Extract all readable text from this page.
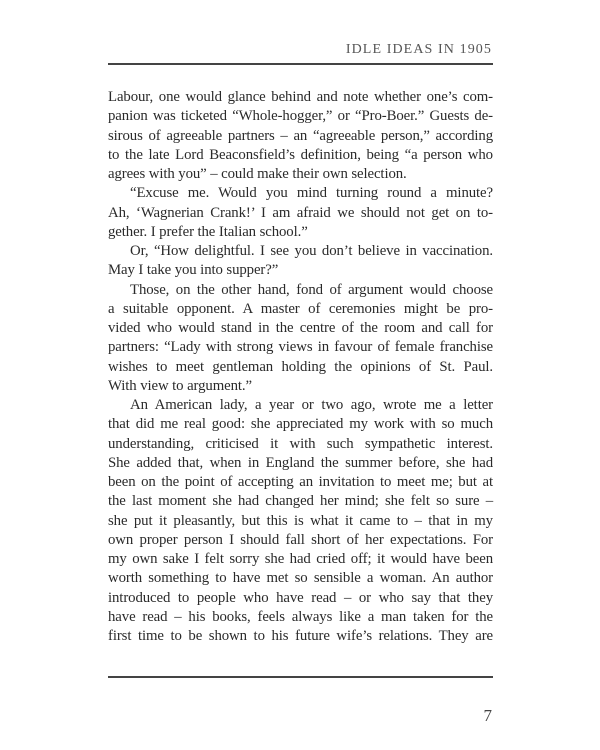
IDLE IDEAS IN 1905
Labour, one would glance behind and note whether one’s com-
panion was ticketed “Whole-hogger,” or “Pro-Boer.” Guests de-
sirous of agreeable partners – an “agreeable person,” according
to the late Lord Beaconsfield’s definition, being “a person who
agrees with you” – could make their own selection.
“Excuse me. Would you mind turning round a minute?
Ah, ‘Wagnerian Crank!’ I am afraid we should not get on to-
gether. I prefer the Italian school.”
Or, “How delightful. I see you don’t believe in vaccination.
May I take you into supper?”
Those, on the other hand, fond of argument would choose
a suitable opponent. A master of ceremonies might be pro-
vided who would stand in the centre of the room and call for
partners: “Lady with strong views in favour of female franchise
wishes to meet gentleman holding the opinions of St. Paul.
With view to argument.”
An American lady, a year or two ago, wrote me a letter
that did me real good: she appreciated my work with so much
understanding, criticised it with such sympathetic interest.
She added that, when in England the summer before, she had
been on the point of accepting an invitation to meet me; but at
the last moment she had changed her mind; she felt so sure –
she put it pleasantly, but this is what it came to – that in my
own proper person I should fall short of her expectations. For
my own sake I felt sorry she had cried off; it would have been
worth something to have met so sensible a woman. An author
introduced to people who have read – or who say that they
have read – his books, feels always like a man taken for the
first time to be shown to his future wife’s relations. They are
7
